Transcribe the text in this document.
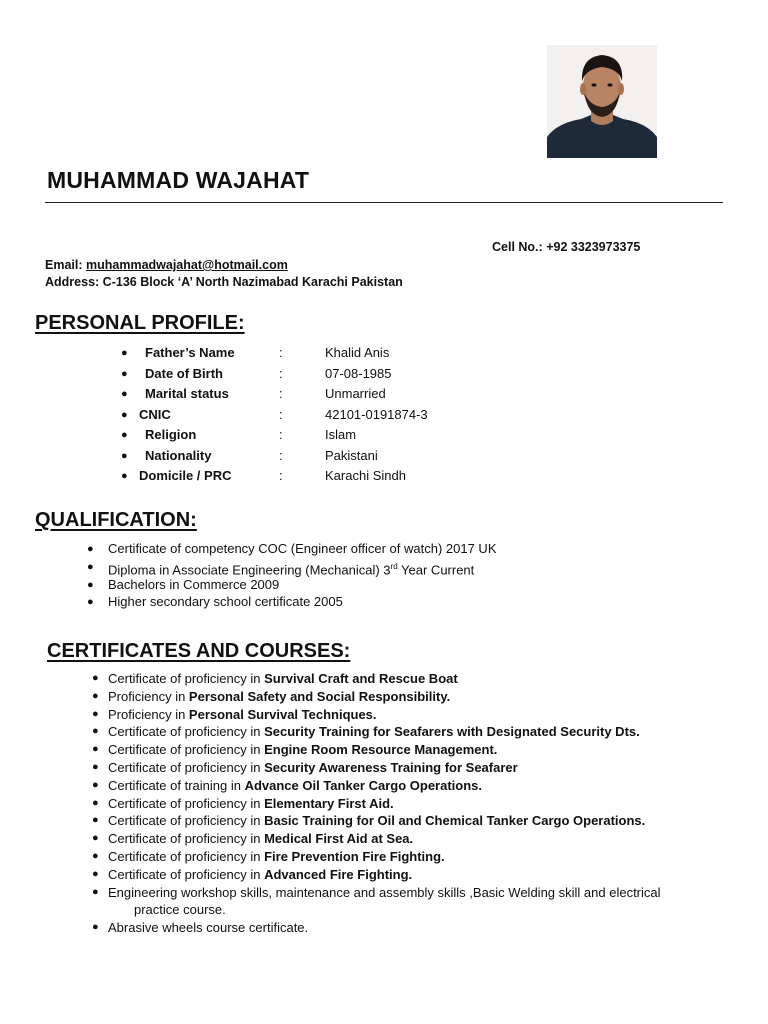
MUHAMMAD WAJAHAT
Cell No.: +92 3323973375
Email: muhammadwajahat@hotmail.com
Address: C-136 Block ‘A’ North Nazimabad Karachi Pakistan
PERSONAL PROFILE:
● Father’s Name	:	Khalid Anis
● Date of Birth	:	07-08-1985
● Marital status	:	Unmarried
● CNIC	:	42101-0191874-3
● Religion	:	Islam
● Nationality	:	Pakistani
● Domicile / PRC	:	Karachi Sindh
QUALIFICATION:
● Certificate of competency COC (Engineer officer of watch) 2017 UK
● Diploma in Associate Engineering (Mechanical) 3rd Year Current
● Bachelors in Commerce 2009
● Higher secondary school certificate 2005
CERTIFICATES AND COURSES:
● Certificate of proficiency in Survival Craft and Rescue Boat
● Proficiency in Personal Safety and Social Responsibility.
● Proficiency in Personal Survival Techniques.
● Certificate of proficiency in Security Training for Seafarers with Designated Security Dts.
● Certificate of proficiency in Engine Room Resource Management.
● Certificate of proficiency in Security Awareness Training for Seafarer
● Certificate of training in Advance Oil Tanker Cargo Operations.
● Certificate of proficiency in Elementary First Aid.
● Certificate of proficiency in Basic Training for Oil and Chemical Tanker Cargo Operations.
● Certificate of proficiency in Medical First Aid at Sea.
● Certificate of proficiency in Fire Prevention Fire Fighting.
● Certificate of proficiency in Advanced Fire Fighting.
● Engineering workshop skills, maintenance and assembly skills ,Basic Welding skill and electrical
practice course.
● Abrasive wheels course certificate.
